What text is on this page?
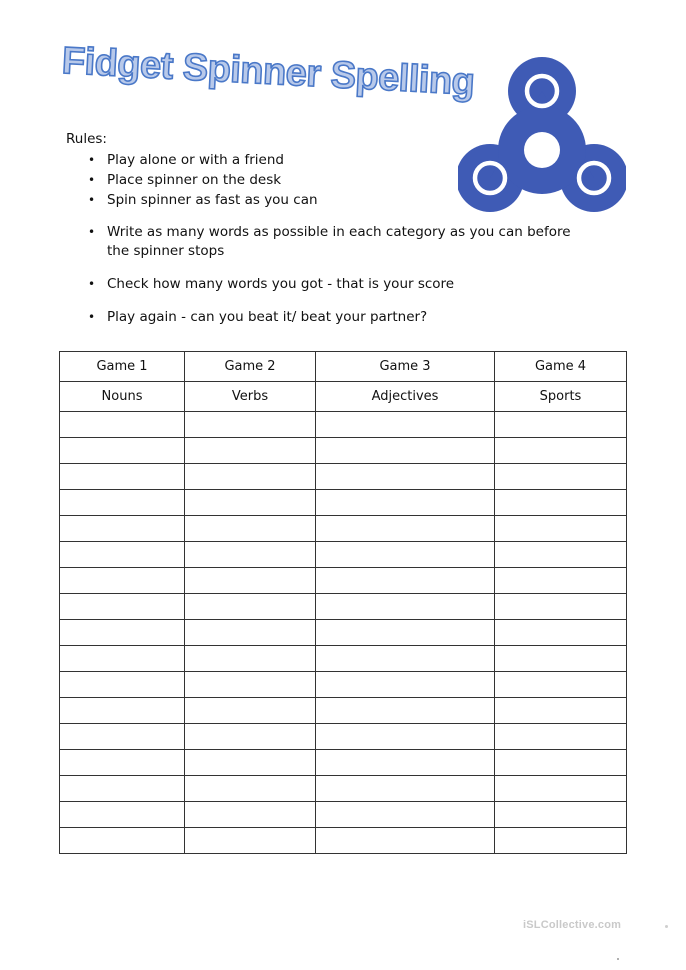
Fidget Spinner Spelling
Rules:
• Play alone or with a friend
• Place spinner on the desk
• Spin spinner as fast as you can
• Write as many words as possible in each category as you can before the spinner stops
• Check how many words you got - that is your score
• Play again - can you beat it/ beat your partner?
Game 1	Game 2	Game 3	Game 4
Nouns	Verbs	Adjectives	Sports

iSLCollective.com
